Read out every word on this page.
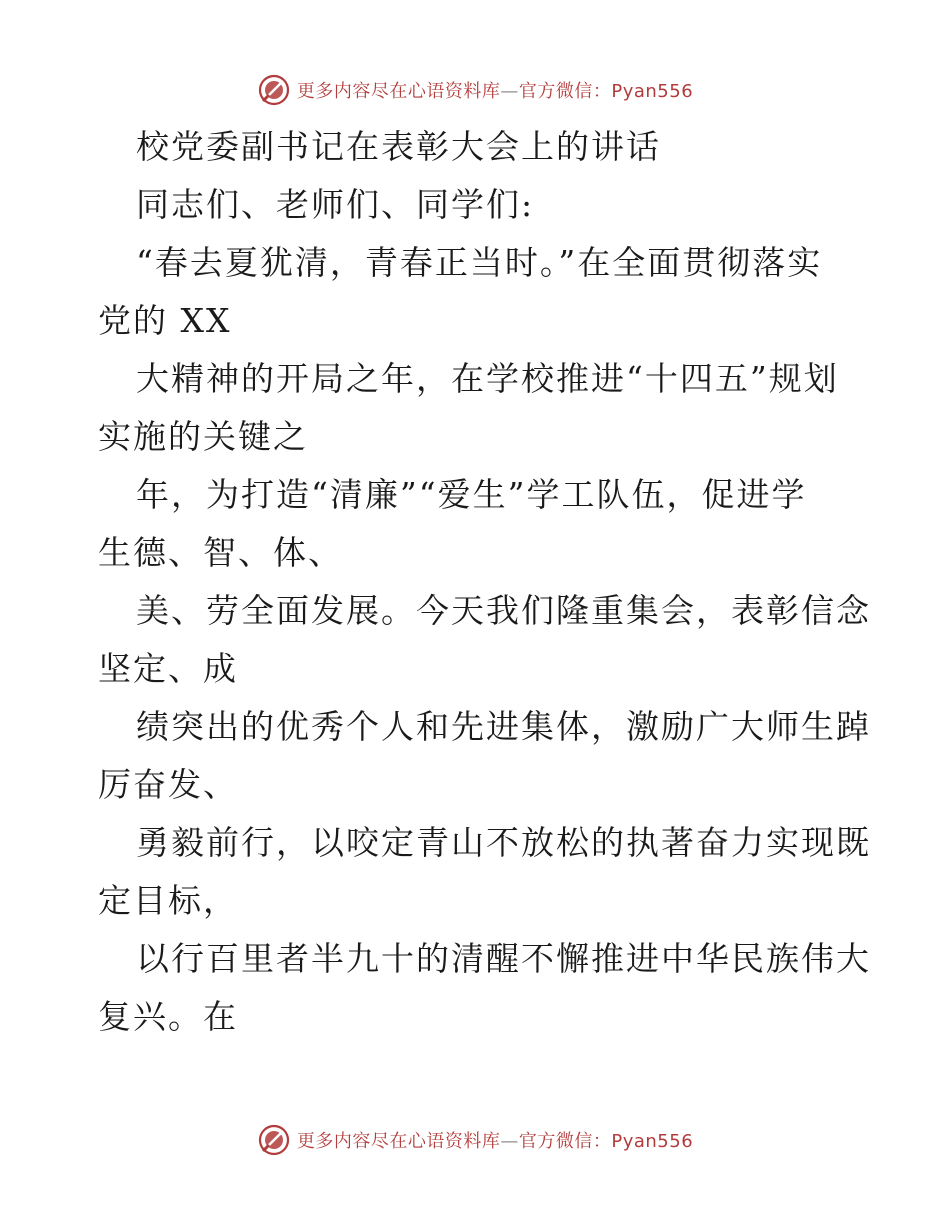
更多内容尽在心语资料库—官方微信：Pyan556
校党委副书记在表彰大会上的讲话
同志们、老师们、同学们:
“春去夏犹清，青春正当时。”在全面贯彻落实
党的 XX
大精神的开局之年，在学校推进“十四五”规划
实施的关键之
年，为打造“清廉”“爱生”学工队伍，促进学
生德、智、体、
美、劳全面发展。今天我们隆重集会，表彰信念
坚定、成
绩突出的优秀个人和先进集体，激励广大师生踔
厉奋发、
勇毅前行，以咬定青山不放松的执著奋力实现既
定目标，
以行百里者半九十的清醒不懈推进中华民族伟大
复兴。在
更多内容尽在心语资料库—官方微信：Pyan556
